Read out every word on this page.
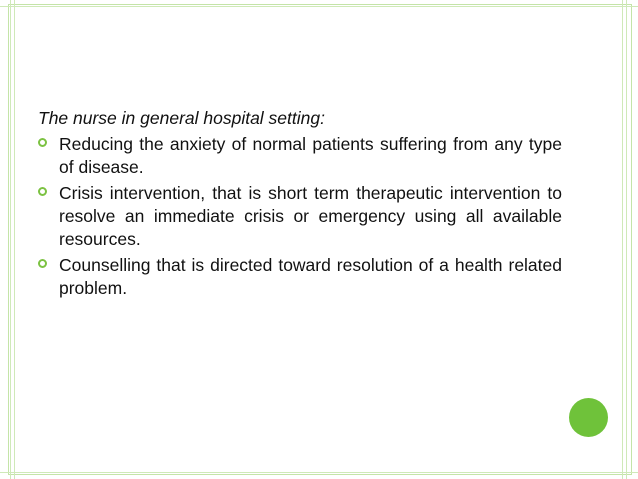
The nurse in general hospital setting:

Reducing the anxiety of normal patients suffering from any type of disease.
Crisis intervention, that is short term therapeutic intervention to resolve an immediate crisis or emergency using all available resources.
Counselling that is directed toward resolution of a health related problem.
